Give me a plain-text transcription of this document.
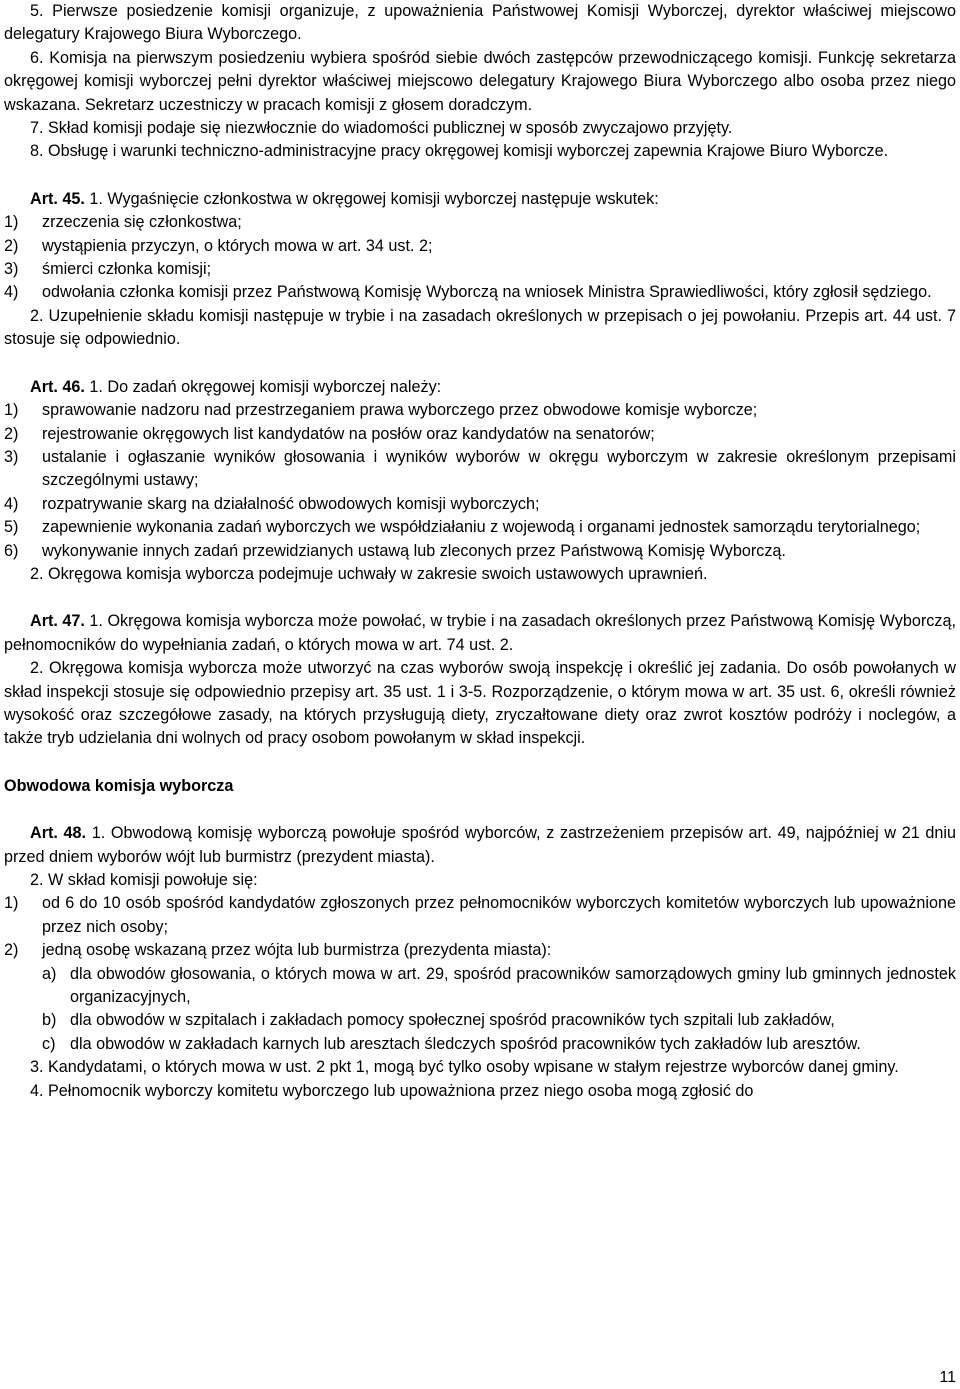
5. Pierwsze posiedzenie komisji organizuje, z upoważnienia Państwowej Komisji Wyborczej, dyrektor właściwej miejscowo delegatury Krajowego Biura Wyborczego.

6. Komisja na pierwszym posiedzeniu wybiera spośród siebie dwóch zastępców przewodniczącego komisji. Funkcję sekretarza okręgowej komisji wyborczej pełni dyrektor właściwej miejscowo delegatury Krajowego Biura Wyborczego albo osoba przez niego wskazana. Sekretarz uczestniczy w pracach komisji z głosem doradczym.

7. Skład komisji podaje się niezwłocznie do wiadomości publicznej w sposób zwyczajowo przyjęty.

8. Obsługę i warunki techniczno-administracyjne pracy okręgowej komisji wyborczej zapewnia Krajowe Biuro Wyborcze.

Art. 45. 1. Wygaśnięcie członkostwa w okręgowej komisji wyborczej następuje wskutek:

1)	zrzeczenia się członkostwa;
2)	wystąpienia przyczyn, o których mowa w art. 34 ust. 2;
3)	śmierci członka komisji;
4)	odwołania członka komisji przez Państwową Komisję Wyborczą na wniosek Ministra Sprawiedliwości, który zgłosił sędziego.

2. Uzupełnienie składu komisji następuje w trybie i na zasadach określonych w przepisach o jej powołaniu. Przepis art. 44 ust. 7 stosuje się odpowiednio.

Art. 46. 1. Do zadań okręgowej komisji wyborczej należy:

1)	sprawowanie nadzoru nad przestrzeganiem prawa wyborczego przez obwodowe komisje wyborcze;
2)	rejestrowanie okręgowych list kandydatów na posłów oraz kandydatów na senatorów;
3)	ustalanie i ogłaszanie wyników głosowania i wyników wyborów w okręgu wyborczym w zakresie określonym przepisami szczególnymi ustawy;
4)	rozpatrywanie skarg na działalność obwodowych komisji wyborczych;
5)	zapewnienie wykonania zadań wyborczych we współdziałaniu z wojewodą i organami jednostek samorządu terytorialnego;
6)	wykonywanie innych zadań przewidzianych ustawą lub zleconych przez Państwową Komisję Wyborczą.

2. Okręgowa komisja wyborcza podejmuje uchwały w zakresie swoich ustawowych uprawnień.

Art. 47. 1. Okręgowa komisja wyborcza może powołać, w trybie i na zasadach określonych przez Państwową Komisję Wyborczą, pełnomocników do wypełniania zadań, o których mowa w art. 74 ust. 2.

2. Okręgowa komisja wyborcza może utworzyć na czas wyborów swoją inspekcję i określić jej zadania. Do osób powołanych w skład inspekcji stosuje się odpowiednio przepisy art. 35 ust. 1 i 3-5. Rozporządzenie, o którym mowa w art. 35 ust. 6, określi również wysokość oraz szczegółowe zasady, na których przysługują diety, zryczałtowane diety oraz zwrot kosztów podróży i noclegów, a także tryb udzielania dni wolnych od pracy osobom powołanym w skład inspekcji.

Obwodowa komisja wyborcza

Art. 48. 1. Obwodową komisję wyborczą powołuje spośród wyborców, z zastrzeżeniem przepisów art. 49, najpóźniej w 21 dniu przed dniem wyborów wójt lub burmistrz (prezydent miasta).

2. W skład komisji powołuje się:

1)	od 6 do 10 osób spośród kandydatów zgłoszonych przez pełnomocników wyborczych komitetów wyborczych lub upoważnione przez nich osoby;
2)	jedną osobę wskazaną przez wójta lub burmistrza (prezydenta miasta):
a) dla obwodów głosowania, o których mowa w art. 29, spośród pracowników samorządowych gminy lub gminnych jednostek organizacyjnych,
b) dla obwodów w szpitalach i zakładach pomocy społecznej spośród pracowników tych szpitali lub zakładów,
c) dla obwodów w zakładach karnych lub aresztach śledczych spośród pracowników tych zakładów lub aresztów.

3. Kandydatami, o których mowa w ust. 2 pkt 1, mogą być tylko osoby wpisane w stałym rejestrze wyborców danej gminy.

4. Pełnomocnik wyborczy komitetu wyborczego lub upoważniona przez niego osoba mogą zgłosić do

11
